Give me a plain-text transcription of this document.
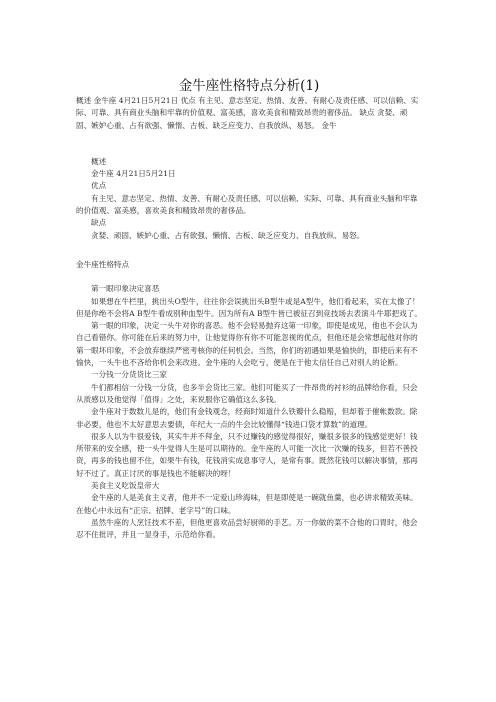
金牛座性格特点分析(1)

概述 金牛座 4月21日5月21日 优点 有主见、意志坚定、热情、友善、有耐心及责任感、可以信赖、实际、可靠、具有商业头脑和牢靠的价值观、富美感，喜欢美食和精致昂贵的奢侈品。 缺点 贪婪、顽固、嫉妒心重、占有欲强、懒惰、古板、缺乏应变力、自我放纵、易怒。 金牛

概述

金牛座 4月21日5月21日

优点

有主见、意志坚定、热情、友善、有耐心及责任感、可以信赖、实际、可靠、具有商业头脑和牢靠的价值观、富美感，喜欢美食和精致昂贵的奢侈品。

缺点

贪婪、顽固、嫉妒心重、占有欲强、懒惰、古板、缺乏应变力、自我放纵、易怒。

金牛座性格特点

第一眼印象决定喜恶

如果想在牛栏里，挑出头O型牛，往往你会误挑出头B型牛或是A型牛，他们看起来，实在太像了！但是你绝不会将A B型牛看成别种血型牛。因为所有A B型牛皆已被征召到竞技场去表演斗牛耶把戏了。

第一眼的印象，决定一头牛对你的喜恶。他不会轻易抛弃这第一印象，即使是成见，他也不会认为自己看错你。你可能在后来的努力中，让他觉得你有你不可能忽视的优点，但他还是会常想起他对你的第一眼坏印象，不会放弃继续严密考核你的任何机会。当然，你们的初遇如果是愉快的，即使后来有不愉快，一头牛也不吝给你机会来改进。金牛座的人会吃亏，便是在于他太信任自己对别人的论断。

一分钱一分货货比三家

牛们都相信一分钱一分货，也多半会货比三家。他们可能买了一件昂贵的衬衫的品牌给你看，只会从质感以及他觉得「值得」之处，来说服你它确值这么多钱。

金牛座对于数数儿是的，他们有金钱观念，经商时知道什么铁瓣什么稳赔，但却着于催帐数款。除非必要，他也不太好意思去要债，年纪大一点的牛会比较懂得“钱进口袋才算数”的道理。

很多人以为牛很爱钱，其实牛并不拜金，只不过赚钱的感觉得很好，赚很多很多的钱感觉更好！钱所带来的安全感，使一头牛觉得人生是可以期待的。金牛座的人可能一次比一次赚的钱多，但若不善投资，再多的钱也留不住，如果牛有钱，花钱消实成息事守人，是常有事。既然花钱可以解决事情，那再好不过了。真正讨厌的事是钱也不能解决的呀！

美食主义吃饭皇帝大

金牛座的人是美食主义者，他并不一定爱山珍海味，但是即使是一碗就鱼羹，也必讲求精致美味。在他心中永远有“正宗、招牌、老字号”的口味。

虽然牛座的人烹饪技术不差，但他更喜欢品尝好厨师的手艺。万一你做的菜不合他的口胃时，他会忍不住批评，并且一显身手，示范给你看。
